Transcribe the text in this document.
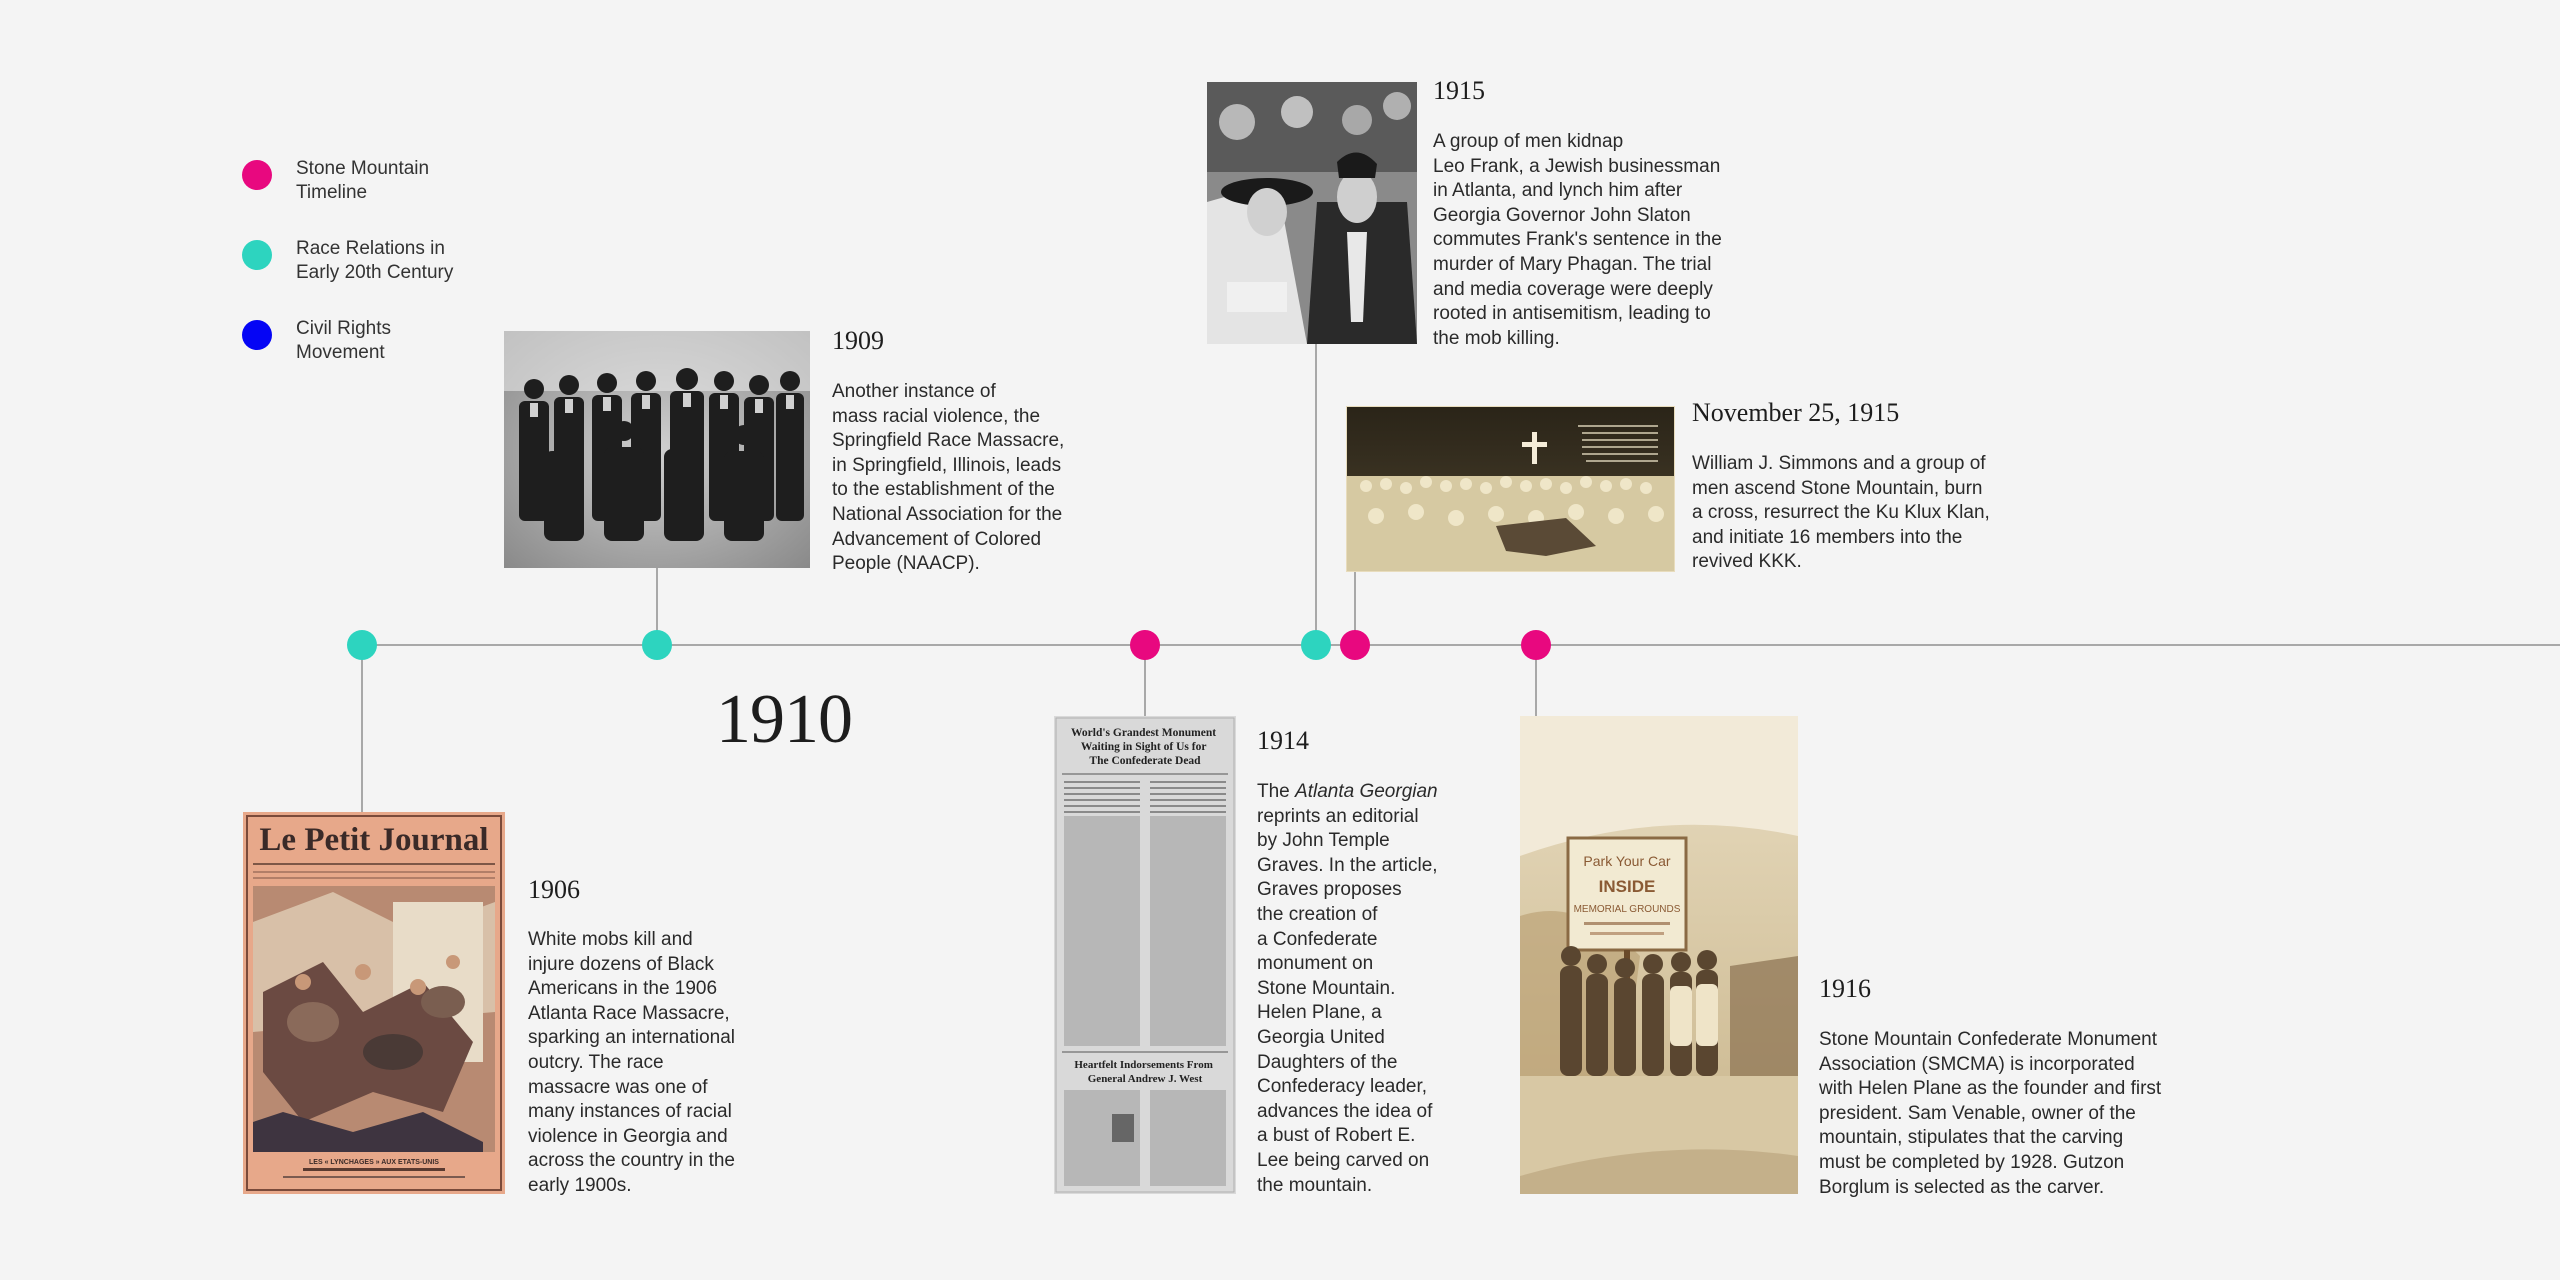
Stone Mountain
Timeline
Race Relations in
Early 20th Century
Civil Rights
Movement
1910
Le Petit Journal
LES « LYNCHAGES » AUX ETATS-UNIS
1906
White mobs kill and
injure dozens of Black
Americans in the 1906
Atlanta Race Massacre,
sparking an international
outcry. The race
massacre was one of
many instances of racial
violence in Georgia and
across the country in the
early 1900s.
1909
Another instance of
mass racial violence, the
Springfield Race Massacre,
in Springfield, Illinois, leads
to the establishment of the
National Association for the
Advancement of Colored
People (NAACP).
World's Grandest Monument Waiting in Sight of Us for The Confederate Dead
Heartfelt Indorsements From General Andrew J. West
1914
The Atlanta Georgian
reprints an editorial
by John Temple
Graves. In the article,
Graves proposes
the creation of
a Confederate
monument on
Stone Mountain.
Helen Plane, a
Georgia United
Daughters of the
Confederacy leader,
advances the idea of
a bust of Robert E.
Lee being carved on
the mountain.
1915
A group of men kidnap
Leo Frank, a Jewish businessman
in Atlanta, and lynch him after
Georgia Governor John Slaton
commutes Frank's sentence in the
murder of Mary Phagan. The trial
and media coverage were deeply
rooted in antisemitism, leading to
the mob killing.
November 25, 1915
William J. Simmons and a group of
men ascend Stone Mountain, burn
a cross, resurrect the Ku Klux Klan,
and initiate 16 members into the
revived KKK.
Park Your Car
INSIDE
MEMORIAL GROUNDS
1916
Stone Mountain Confederate Monument
Association (SMCMA) is incorporated
with Helen Plane as the founder and first
president. Sam Venable, owner of the
mountain, stipulates that the carving
must be completed by 1928. Gutzon
Borglum is selected as the carver.
